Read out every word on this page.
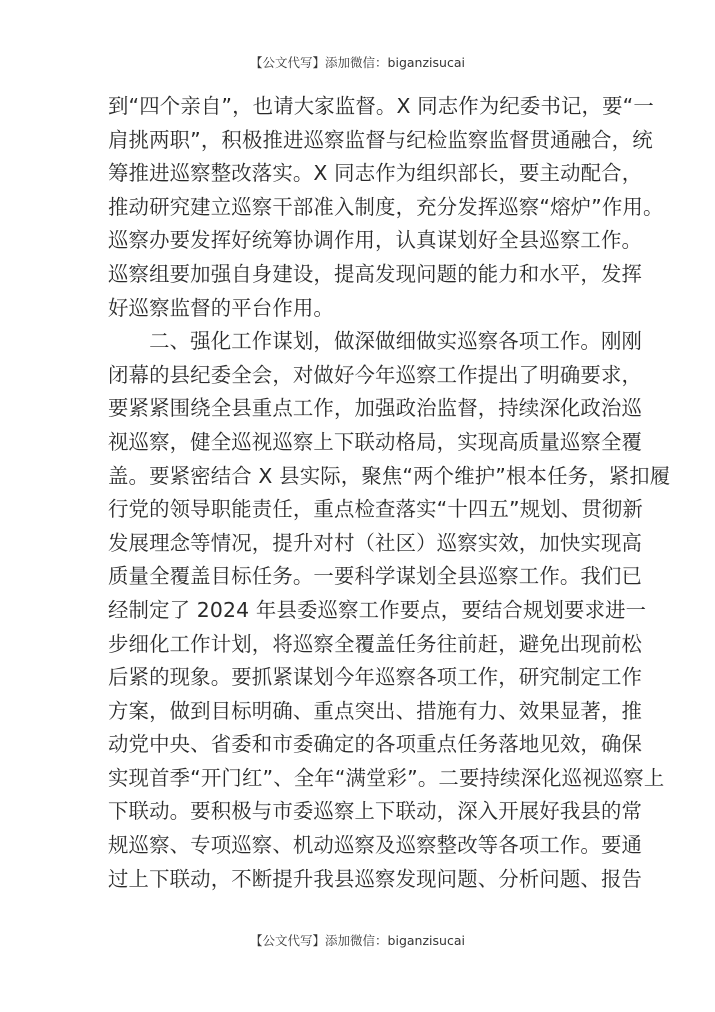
【公文代写】添加微信：biganzisucai
到“四个亲自”，也请大家监督。X 同志作为纪委书记，要“一
肩挑两职”，积极推进巡察监督与纪检监察监督贯通融合，统
筹推进巡察整改落实。X 同志作为组织部长，要主动配合，
推动研究建立巡察干部准入制度，充分发挥巡察“熔炉”作用。
巡察办要发挥好统筹协调作用，认真谋划好全县巡察工作。
巡察组要加强自身建设，提高发现问题的能力和水平，发挥
好巡察监督的平台作用。
　　二、强化工作谋划，做深做细做实巡察各项工作。刚刚
闭幕的县纪委全会，对做好今年巡察工作提出了明确要求，
要紧紧围绕全县重点工作，加强政治监督，持续深化政治巡
视巡察，健全巡视巡察上下联动格局，实现高质量巡察全覆
盖。要紧密结合 X 县实际，聚焦“两个维护”根本任务，紧扣履
行党的领导职能责任，重点检查落实“十四五”规划、贯彻新
发展理念等情况，提升对村（社区）巡察实效，加快实现高
质量全覆盖目标任务。一要科学谋划全县巡察工作。我们已
经制定了 2024 年县委巡察工作要点，要结合规划要求进一
步细化工作计划，将巡察全覆盖任务往前赶，避免出现前松
后紧的现象。要抓紧谋划今年巡察各项工作，研究制定工作
方案，做到目标明确、重点突出、措施有力、效果显著，推
动党中央、省委和市委确定的各项重点任务落地见效，确保
实现首季“开门红”、全年“满堂彩”。二要持续深化巡视巡察上
下联动。要积极与市委巡察上下联动，深入开展好我县的常
规巡察、专项巡察、机动巡察及巡察整改等各项工作。要通
过上下联动，不断提升我县巡察发现问题、分析问题、报告
【公文代写】添加微信：biganzisucai
